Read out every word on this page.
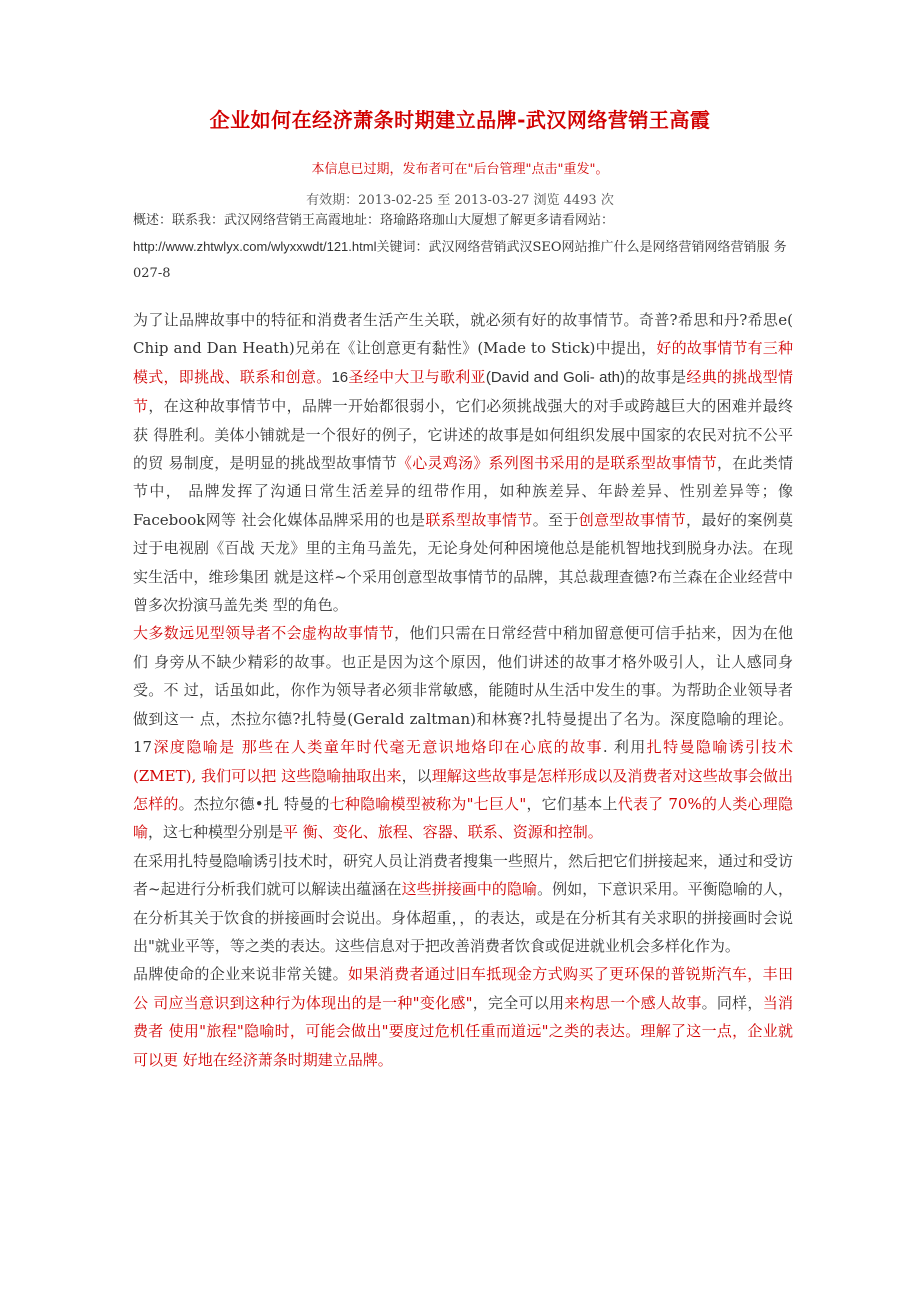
企业如何在经济萧条时期建立品牌-武汉网络营销王高霞
本信息已过期，发布者可在"后台管理"点击"重发"。
有效期：2013-02-25 至 2013-03-27 浏览 4493 次
概述：联系我：武汉网络营销王高霞地址：珞瑜路珞珈山大厦想了解更多请看网站：
http://www.zhtwlyx.com/wlyxxwdt/121.html关键词：武汉网络营销武汉SEO网站推广什么是网络营销网络营销服 务 027-8

为了让品牌故事中的特征和消费者生活产生关联，就必须有好的故事情节。奇普?希思和丹?希思e( Chip and Dan Heath)兄弟在《让创意更有黏性》(Made to Stick)中提出，好的故事情节有三种 模式，即挑战、联系和创意。16圣经中大卫与歌利亚(David and Goli- ath)的故事是经典的挑战型情 节，在这种故事情节中，品牌一开始都很弱小，它们必须挑战强大的对手或跨越巨大的困难并最终获 得胜利。美体小铺就是一个很好的例子，它讲述的故事是如何组织发展中国家的农民对抗不公平的贸 易制度，是明显的挑战型故事情节《心灵鸡汤》系列图书采用的是联系型故事情节，在此类情节中， 品牌发挥了沟通日常生活差异的纽带作用，如种族差异、年龄差异、性别差异等；像Facebook网等 社会化媒体品牌采用的也是联系型故事情节。至于创意型故事情节，最好的案例莫过于电视剧《百战 天龙》里的主角马盖先，无论身处何种困境他总是能机智地找到脱身办法。在现实生活中，维珍集团 就是这样~个采用创意型故事情节的品牌，其总裁理查德?布兰森在企业经营中曾多次扮演马盖先类 型的角色。

大多数远见型领导者不会虚构故事情节，他们只需在日常经营中稍加留意便可信手拈来，因为在他们 身旁从不缺少精彩的故事。也正是因为这个原因，他们讲述的故事才格外吸引人，让人感同身受。不 过，话虽如此，你作为领导者必须非常敏感，能随时从生活中发生的事。为帮助企业领导者做到这一 点，杰拉尔德?扎特曼(Gerald zaltman)和林赛?扎特曼提出了名为。深度隐喻的理论。17深度隐喻是 那些在人类童年时代毫无意识地烙印在心底的故事. 利用扎特曼隐喻诱引技术(ZMET), 我们可以把 这些隐喻抽取出来，以理解这些故事是怎样形成以及消费者对这些故事会做出怎样的。杰拉尔德•扎 特曼的七种隐喻模型被称为"七巨人"，它们基本上代表了 70%的人类心理隐喻，这七种模型分别是平 衡、变化、旅程、容器、联系、资源和控制。

在采用扎特曼隐喻诱引技术时，研究人员让消费者搜集一些照片，然后把它们拼接起来，通过和受访 者~起进行分析我们就可以解读出蕴涵在这些拼接画中的隐喻。例如，下意识采用。平衡隐喻的人， 在分析其关于饮食的拼接画时会说出。身体超重，，的表达，或是在分析其有关求职的拼接画时会说 出"就业平等，等之类的表达。这些信息对于把改善消费者饮食或促进就业机会多样化作为。

品牌使命的企业来说非常关键。如果消费者通过旧车抵现金方式购买了更环保的普锐斯汽车，丰田公 司应当意识到这种行为体现出的是一种"变化感"，完全可以用来构思一个感人故事。同样，当消费者 使用"旅程"隐喻时，可能会做出"要度过危机任重而道远"之类的表达。理解了这一点，企业就可以更 好地在经济萧条时期建立品牌。
